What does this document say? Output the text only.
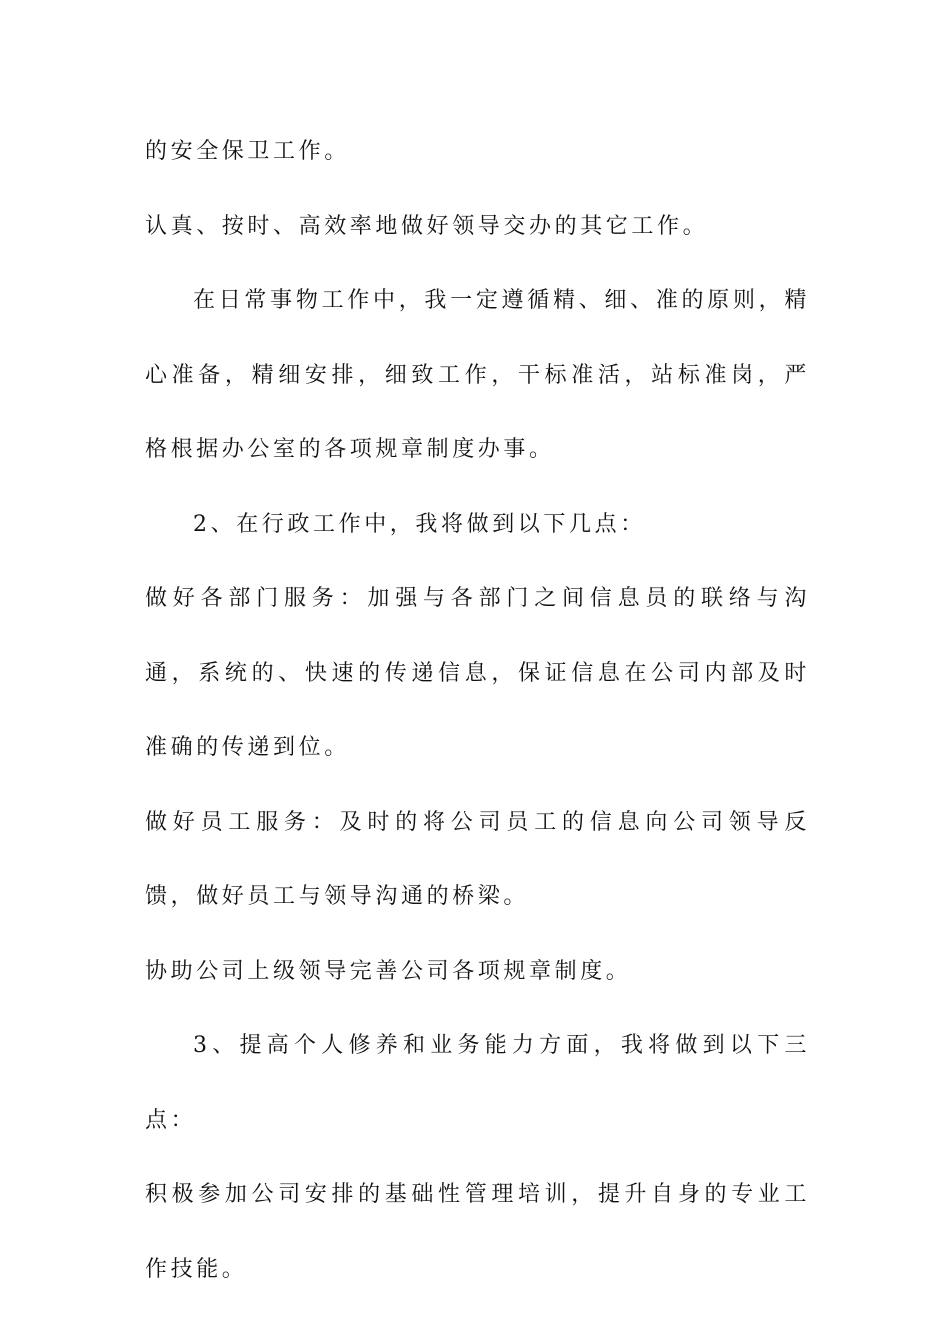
的安全保卫工作。

认真、按时、高效率地做好领导交办的其它工作。

在日常事物工作中，我一定遵循精、细、准的原则，精心准备，精细安排，细致工作，干标准活，站标准岗，严格根据办公室的各项规章制度办事。

2、在行政工作中，我将做到以下几点：

做好各部门服务：加强与各部门之间信息员的联络与沟通，系统的、快速的传递信息，保证信息在公司内部及时准确的传递到位。

做好员工服务：及时的将公司员工的信息向公司领导反馈，做好员工与领导沟通的桥梁。

协助公司上级领导完善公司各项规章制度。

3、提高个人修养和业务能力方面，我将做到以下三点：

积极参加公司安排的基础性管理培训，提升自身的专业工作技能。
